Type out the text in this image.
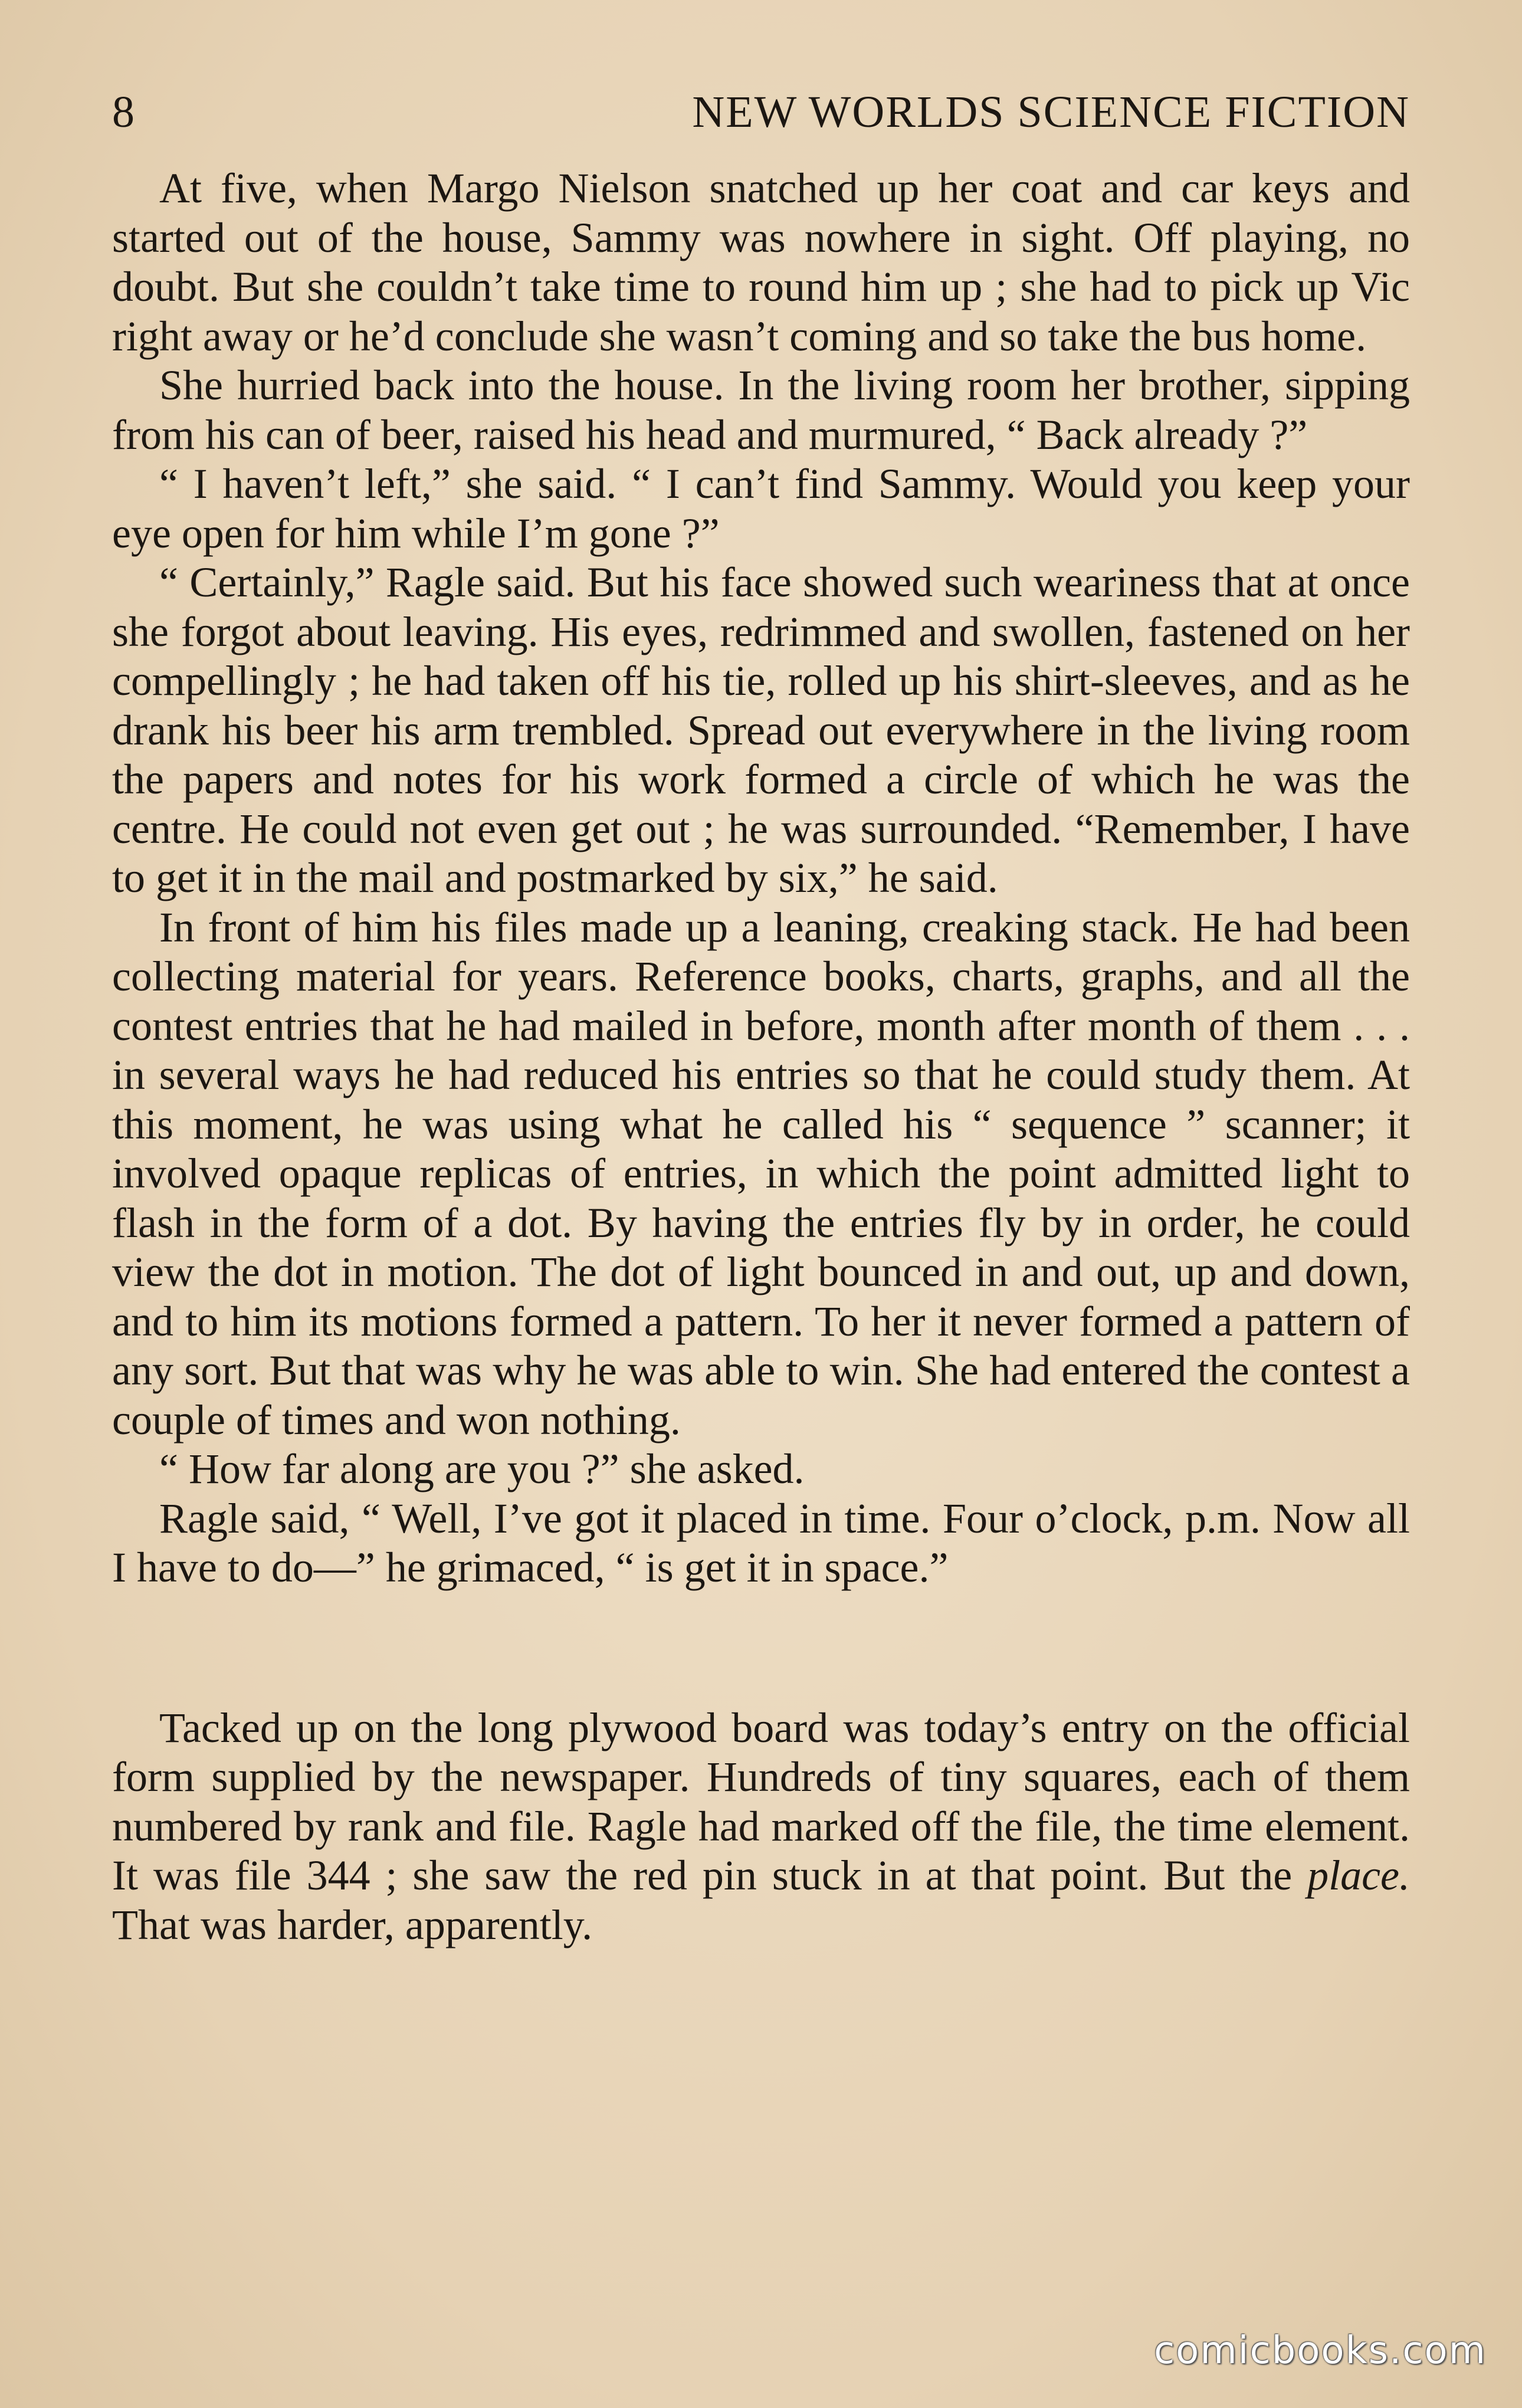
8	NEW WORLDS SCIENCE FICTION

At five, when Margo Nielson snatched up her coat and car keys and started out of the house, Sammy was nowhere in sight. Off playing, no doubt. But she couldn’t take time to round him up ; she had to pick up Vic right away or he’d conclude she wasn’t coming and so take the bus home.

She hurried back into the house. In the living room her brother, sipping from his can of beer, raised his head and murmured, “ Back already ?”

“ I haven’t left,” she said. “ I can’t find Sammy. Would you keep your eye open for him while I’m gone ?”

“ Certainly,” Ragle said. But his face showed such weariness that at once she forgot about leaving. His eyes, redrimmed and swollen, fastened on her compellingly ; he had taken off his tie, rolled up his shirt-sleeves, and as he drank his beer his arm trembled. Spread out everywhere in the living room the papers and notes for his work formed a circle of which he was the centre. He could not even get out ; he was surrounded. “Remember, I have to get it in the mail and postmarked by six,” he said.

In front of him his files made up a leaning, creaking stack. He had been collecting material for years. Reference books, charts, graphs, and all the contest entries that he had mailed in before, month after month of them . . . in several ways he had reduced his entries so that he could study them. At this moment, he was using what he called his “ sequence ” scanner; it involved opaque replicas of entries, in which the point admitted light to flash in the form of a dot. By having the entries fly by in order, he could view the dot in motion. The dot of light bounced in and out, up and down, and to him its motions formed a pattern. To her it never formed a pattern of any sort. But that was why he was able to win. She had entered the contest a couple of times and won nothing.

“ How far along are you ?” she asked.

Ragle said, “ Well, I’ve got it placed in time. Four o’clock, p.m. Now all I have to do—” he grimaced, “ is get it in space.”

Tacked up on the long plywood board was today’s entry on the official form supplied by the newspaper. Hundreds of tiny squares, each of them numbered by rank and file. Ragle had marked off the file, the time element. It was file 344 ; she saw the red pin stuck in at that point. But the place. That was harder, apparently.

comicbooks.com
